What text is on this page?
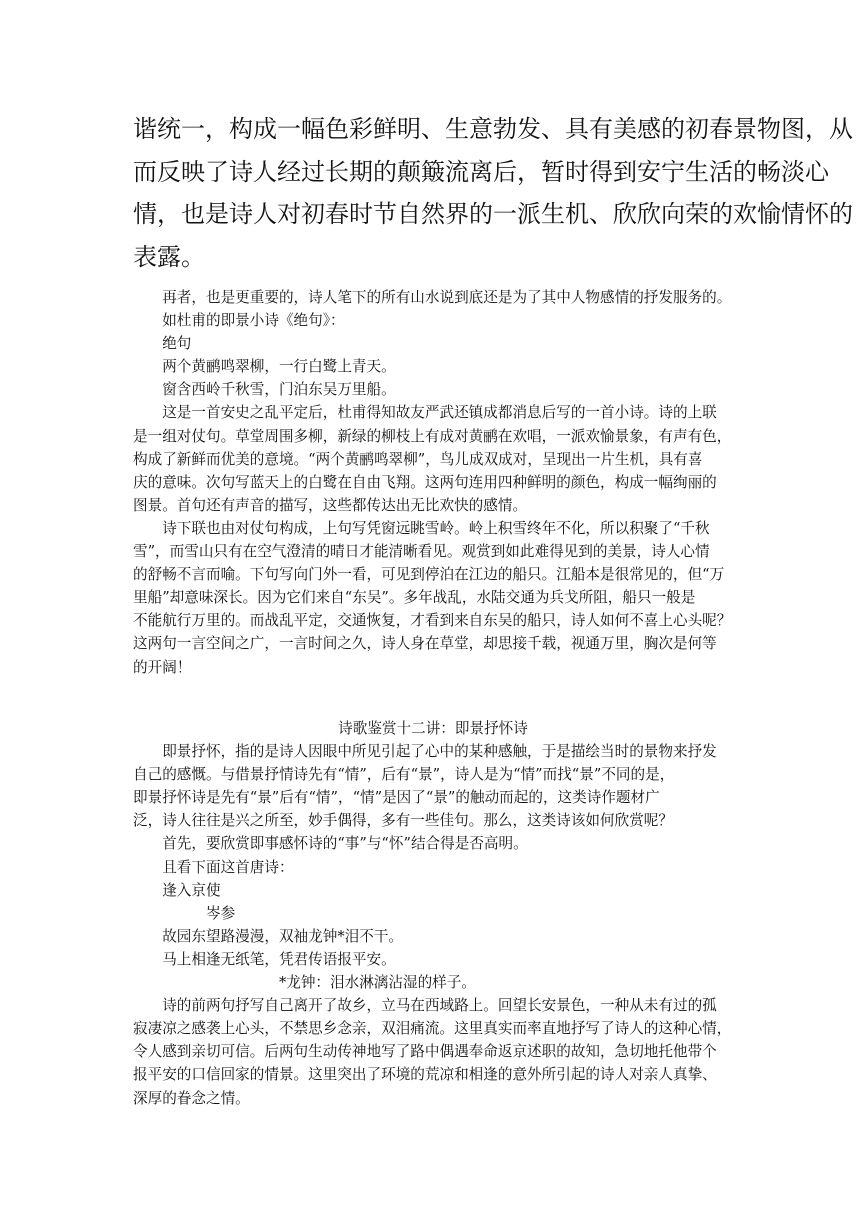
谐统一，构成一幅色彩鲜明、生意勃发、具有美感的初春景物图，从
而反映了诗人经过长期的颠簸流离后，暂时得到安宁生活的畅淡心
情，也是诗人对初春时节自然界的一派生机、欣欣向荣的欢愉情怀的
表露。
　　再者，也是更重要的，诗人笔下的所有山水说到底还是为了其中人物感情的抒发服务的。
　　如杜甫的即景小诗《绝句》：
　　绝句
　　两个黄鹂鸣翠柳，一行白鹭上青天。
　　窗含西岭千秋雪，门泊东吴万里船。
　　这是一首安史之乱平定后，杜甫得知故友严武还镇成都消息后写的一首小诗。诗的上联
是一组对仗句。草堂周围多柳，新绿的柳枝上有成对黄鹂在欢唱，一派欢愉景象，有声有色，
构成了新鲜而优美的意境。“两个黄鹂鸣翠柳”，鸟儿成双成对，呈现出一片生机，具有喜
庆的意味。次句写蓝天上的白鹭在自由飞翔。这两句连用四种鲜明的颜色，构成一幅绚丽的
图景。首句还有声音的描写，这些都传达出无比欢快的感情。
　　诗下联也由对仗句构成，上句写凭窗远眺雪岭。岭上积雪终年不化，所以积聚了“千秋
雪”，而雪山只有在空气澄清的晴日才能清晰看见。观赏到如此难得见到的美景，诗人心情
的舒畅不言而喻。下句写向门外一看，可见到停泊在江边的船只。江船本是很常见的，但“万
里船”却意味深长。因为它们来自“东吴”。多年战乱，水陆交通为兵戈所阻，船只一般是
不能航行万里的。而战乱平定，交通恢复，才看到来自东吴的船只，诗人如何不喜上心头呢？
这两句一言空间之广，一言时间之久，诗人身在草堂，却思接千载，视通万里，胸次是何等
的开阔！
诗歌鉴赏十二讲：即景抒怀诗
　　即景抒怀，指的是诗人因眼中所见引起了心中的某种感触，于是描绘当时的景物来抒发
自己的感慨。与借景抒情诗先有“情”，后有“景”，诗人是为“情”而找“景”不同的是，
即景抒怀诗是先有“景”后有“情”，“情”是因了“景”的触动而起的，这类诗作题材广
泛，诗人往往是兴之所至，妙手偶得，多有一些佳句。那么，这类诗该如何欣赏呢？
　　首先，要欣赏即事感怀诗的“事”与“怀”结合得是否高明。
　　且看下面这首唐诗：
　　逢入京使
　　　　　岑参
　　故园东望路漫漫，双袖龙钟*泪不干。
　　马上相逢无纸笔，凭君传语报平安。
　　　　　　　　　　*龙钟：泪水淋漓沾湿的样子。
　　诗的前两句抒写自己离开了故乡，立马在西域路上。回望长安景色，一种从未有过的孤
寂凄凉之感袭上心头，不禁思乡念亲，双泪痛流。这里真实而率直地抒写了诗人的这种心情，
令人感到亲切可信。后两句生动传神地写了路中偶遇奉命返京述职的故知，急切地托他带个
报平安的口信回家的情景。这里突出了环境的荒凉和相逢的意外所引起的诗人对亲人真挚、
深厚的眷念之情。
